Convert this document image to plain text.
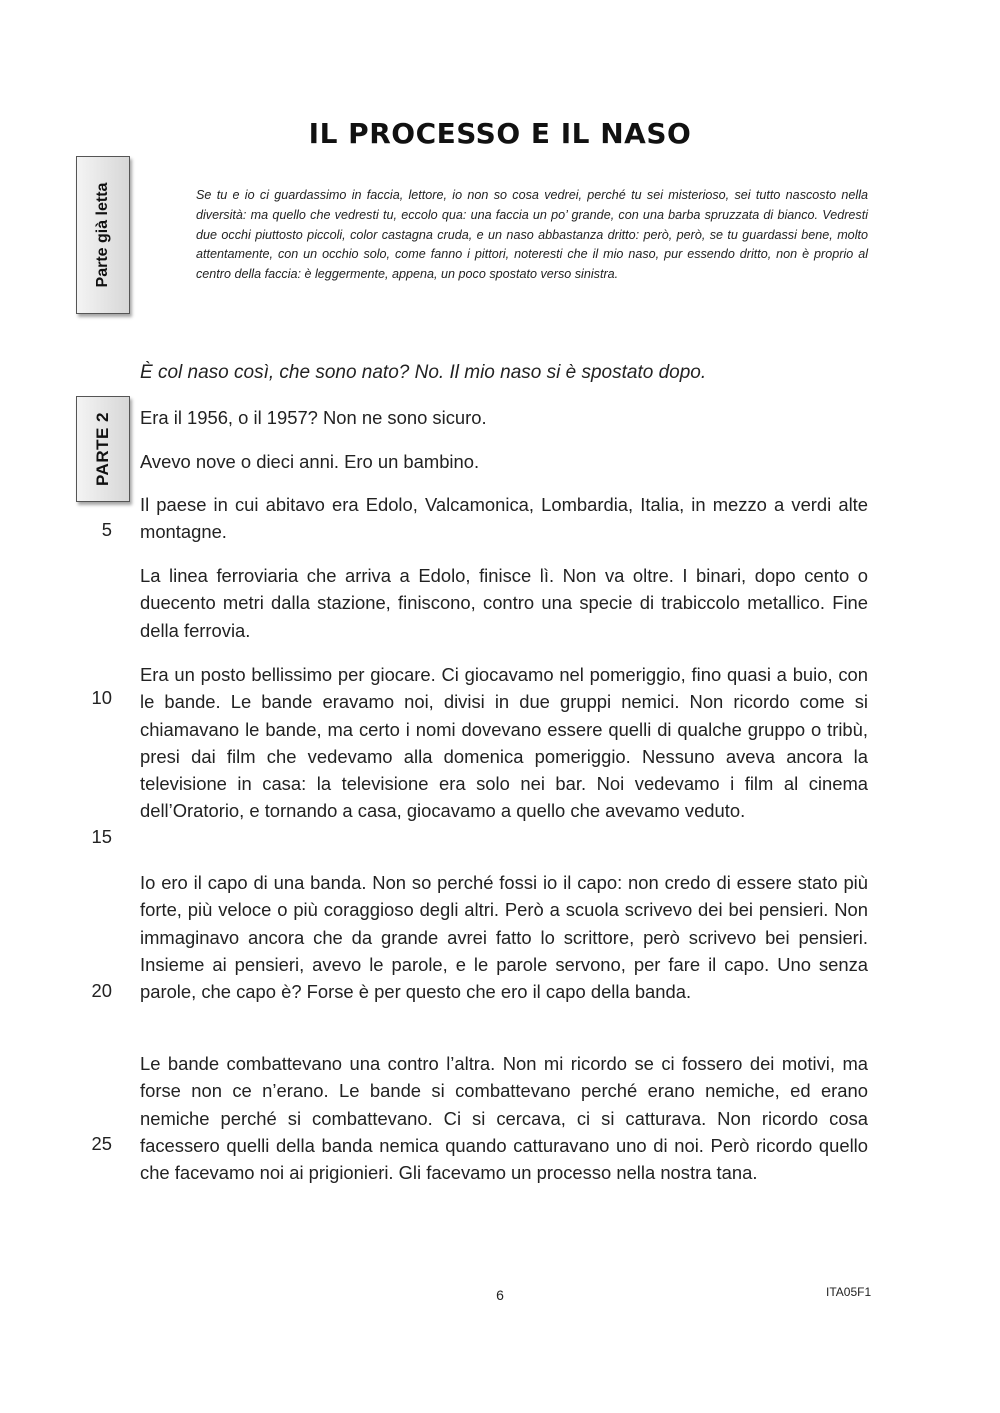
IL PROCESSO E IL NASO
Parte già letta	Se tu e io ci guardassimo in faccia, lettore, io non so cosa vedrei, perché tu sei misterioso, sei tutto nascosto nella diversità: ma quello che vedresti tu, eccolo qua: una faccia un po’ grande, con una barba spruzzata di bianco. Vedresti due occhi piuttosto piccoli, color castagna cruda, e un naso abbastanza dritto: però, però, se tu guardassi bene, molto attentamente, con un occhio solo, come fanno i pittori, noteresti che il mio naso, pur essendo dritto, non è proprio al centro della faccia: è leggermente, appena, un poco spostato verso sinistra.
È col naso così, che sono nato? No. Il mio naso si è spostato dopo.
PARTE 2 Era il 1956, o il 1957? Non ne sono sicuro.
Avevo nove o dieci anni. Ero un bambino.
Il paese in cui abitavo era Edolo, Valcamonica, Lombardia, Italia, in mezzo a verdi alte montagne.
La linea ferroviaria che arriva a Edolo, finisce lì. Non va oltre. I binari, dopo cento o duecento metri dalla stazione, finiscono, contro una specie di trabiccolo metallico. Fine della ferrovia.
Era un posto bellissimo per giocare. Ci giocavamo nel pomeriggio, fino quasi a buio, con le bande. Le bande eravamo noi, divisi in due gruppi nemici. Non ricordo come si chiamavano le bande, ma certo i nomi dovevano essere quelli di qualche gruppo o tribù, presi dai film che vedevamo alla domenica pomeriggio. Nessuno aveva ancora la televisione in casa: la televisione era solo nei bar. Noi vedevamo i film al cinema dell’Oratorio, e tornando a casa, giocavamo a quello che avevamo veduto.
Io ero il capo di una banda. Non so perché fossi io il capo: non credo di essere stato più forte, più veloce o più coraggioso degli altri. Però a scuola scrivevo dei bei pensieri. Non immaginavo ancora che da grande avrei fatto lo scrittore, però scrivevo bei pensieri. Insieme ai pensieri, avevo le parole, e le parole servono, per fare il capo. Uno senza parole, che capo è? Forse è per questo che ero il capo della banda.
Le bande combattevano una contro l’altra. Non mi ricordo se ci fossero dei motivi, ma forse non ce n’erano. Le bande si combattevano perché erano nemiche, ed erano nemiche perché si combattevano. Ci si cercava, ci si catturava. Non ricordo cosa facessero quelli della banda nemica quando catturavano uno di noi. Però ricordo quello che facevamo noi ai prigionieri. Gli facevamo un processo nella nostra tana.
5
10
15
20
25
6	ITA05F1
